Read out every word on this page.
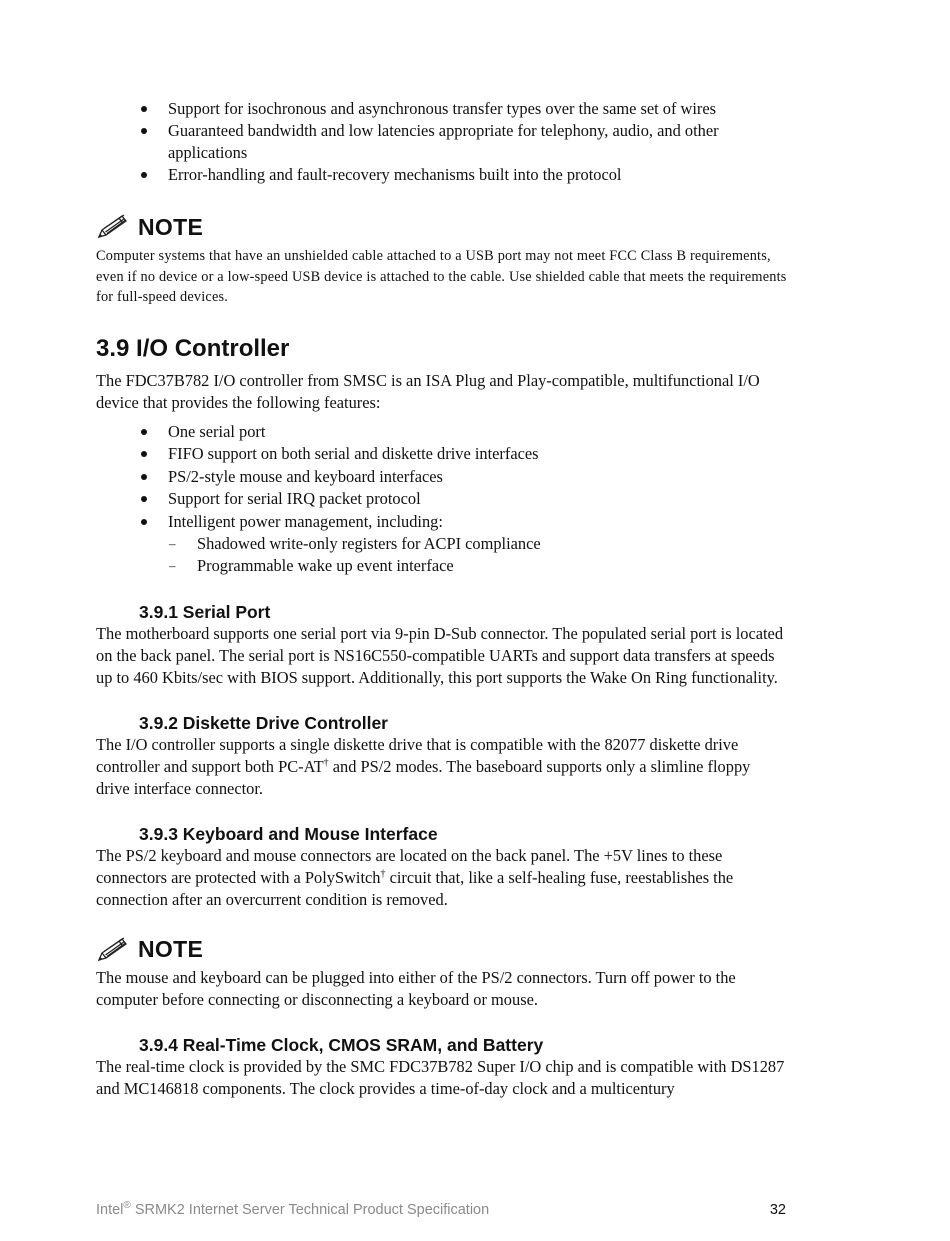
Support for isochronous and asynchronous transfer types over the same set of wires
Guaranteed bandwidth and low latencies appropriate for telephony, audio, and other applications
Error-handling and fault-recovery mechanisms built into the protocol
NOTE
Computer systems that have an unshielded cable attached to a USB port may not meet FCC Class B requirements, even if no device or a low-speed USB device is attached to the cable. Use shielded cable that meets the requirements for full-speed devices.
3.9 I/O Controller
The FDC37B782 I/O controller from SMSC is an ISA Plug and Play-compatible, multifunctional I/O device that provides the following features:
One serial port
FIFO support on both serial and diskette drive interfaces
PS/2-style mouse and keyboard interfaces
Support for serial IRQ packet protocol
Intelligent power management, including:
– Shadowed write-only registers for ACPI compliance
– Programmable wake up event interface
3.9.1 Serial Port
The motherboard supports one serial port via 9-pin D-Sub connector. The populated serial port is located on the back panel. The serial port is NS16C550-compatible UARTs and support data transfers at speeds up to 460 Kbits/sec with BIOS support. Additionally, this port supports the Wake On Ring functionality.
3.9.2 Diskette Drive Controller
The I/O controller supports a single diskette drive that is compatible with the 82077 diskette drive controller and support both PC-AT† and PS/2 modes. The baseboard supports only a slimline floppy drive interface connector.
3.9.3 Keyboard and Mouse Interface
The PS/2 keyboard and mouse connectors are located on the back panel. The +5V lines to these connectors are protected with a PolySwitch† circuit that, like a self-healing fuse, reestablishes the connection after an overcurrent condition is removed.
NOTE
The mouse and keyboard can be plugged into either of the PS/2 connectors. Turn off power to the computer before connecting or disconnecting a keyboard or mouse.
3.9.4 Real-Time Clock, CMOS SRAM, and Battery
The real-time clock is provided by the SMC FDC37B782 Super I/O chip and is compatible with DS1287 and MC146818 components. The clock provides a time-of-day clock and a multicentury
Intel® SRMK2 Internet Server Technical Product Specification	32
